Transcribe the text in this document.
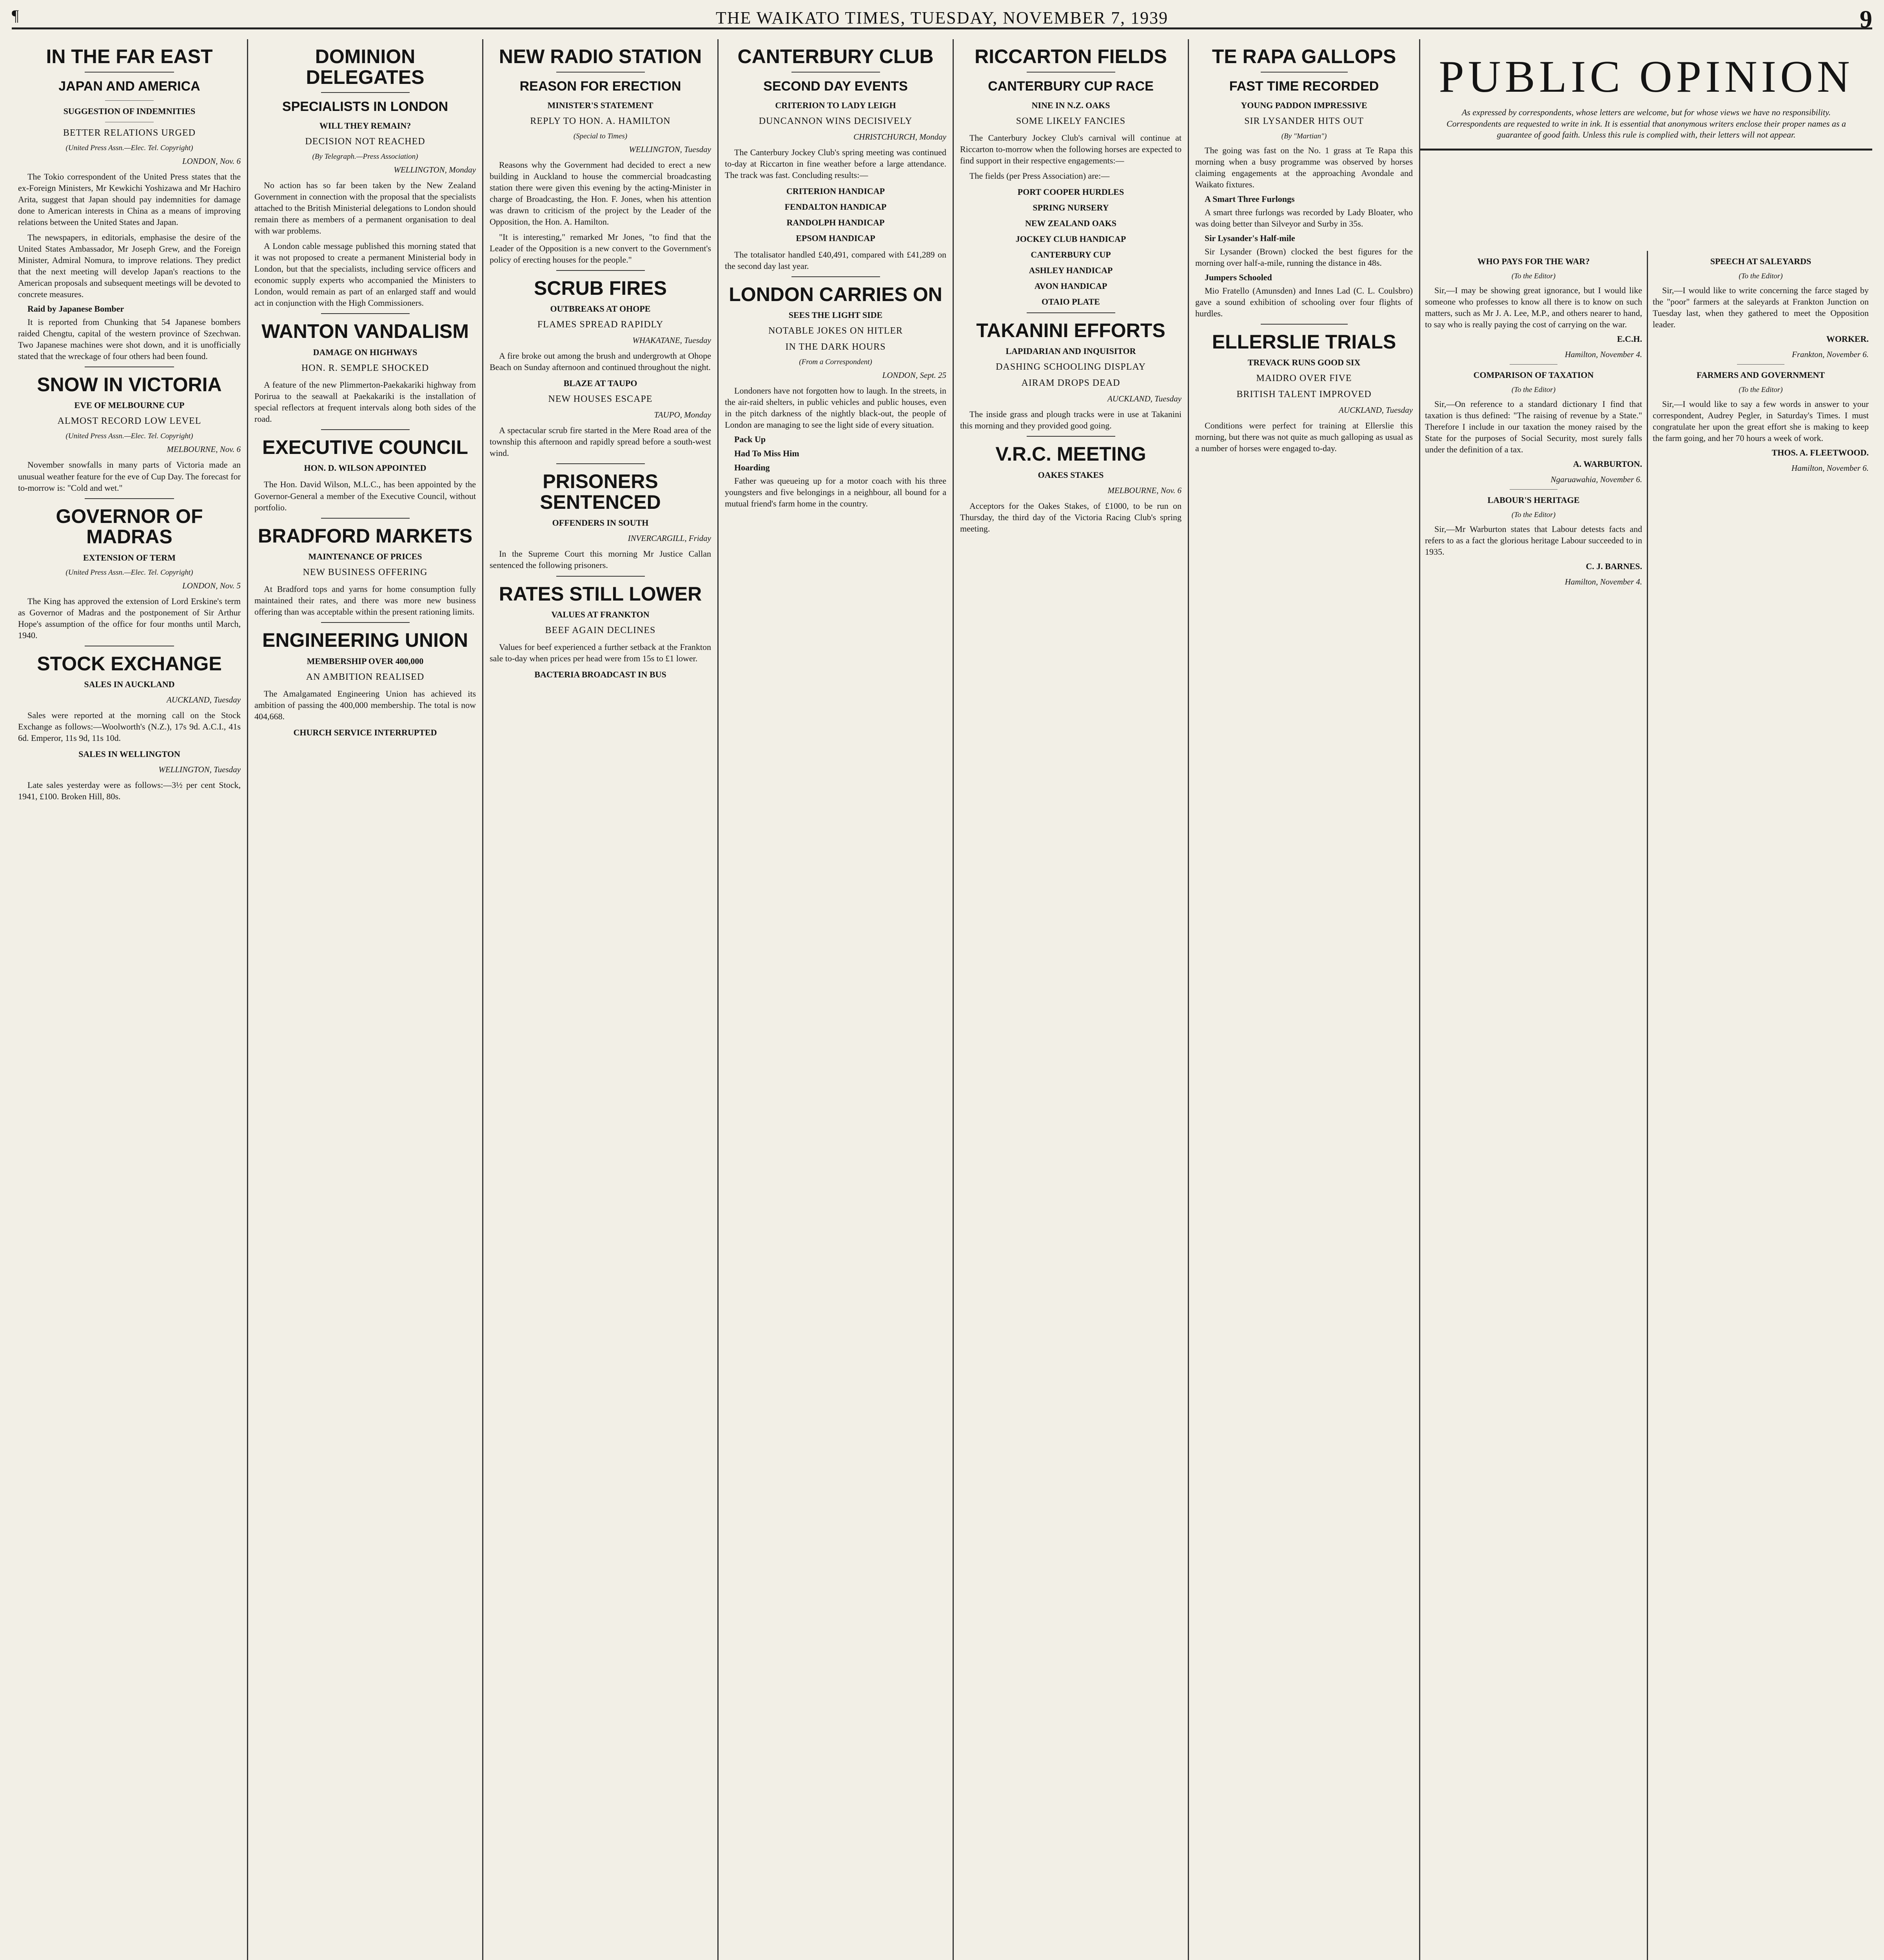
¶	THE WAIKATO TIMES, TUESDAY, NOVEMBER 7, 1939	9
IN THE FAR EAST
JAPAN AND AMERICA
SUGGESTION OF INDEMNITIES
BETTER RELATIONS URGED
(United Press Assn.—Elec. Tel. Copyright)
LONDON, Nov. 6

The Tokio correspondent of the United Press states that the ex-Foreign Ministers, Mr Kewkichi Yoshizawa and Mr Hachiro Arita, suggest that Japan should pay indemnities for damage done to American interests in China as a means of improving relations between the United States and Japan.

The newspapers, in editorials, emphasise the desire of the United States Ambassador, Mr Joseph Grew, and the Foreign Minister, Admiral Nomura, to improve relations. They predict that the next meeting will develop Japan's reactions to the American proposals and subsequent meetings will be devoted to concrete measures.

Raid by Japanese Bomber

It is reported from Chunking that 54 Japanese bombers raided Chengtu, capital of the western province of Szechwan. Two Japanese machines were shot down, and it is unofficially stated that the wreckage of four others had been found.

SNOW IN VICTORIA
EVE OF MELBOURNE CUP
ALMOST RECORD LOW LEVEL
(United Press Assn.—Elec. Tel. Copyright)
MELBOURNE, Nov. 6

November snowfalls in many parts of Victoria made an unusual weather feature for the eve of Cup Day. The forecast for to-morrow is: "Cold and wet."

GOVERNOR OF MADRAS
EXTENSION OF TERM
(United Press Assn.—Elec. Tel. Copyright)
LONDON, Nov. 5

The King has approved the extension of Lord Erskine's term as Governor of Madras and the postponement of Sir Arthur Hope's assumption of the office for four months until March, 1940.

STOCK EXCHANGE
SALES IN AUCKLAND
AUCKLAND, Tuesday

Sales were reported at the morning call on the Stock Exchange as follows:—Woolworth's (N.Z.), 17s 9d. A.C.I., 41s 6d. Emperor, 11s 9d, 11s 10d.

SALES IN WELLINGTON
WELLINGTON, Tuesday

Late sales yesterday were as follows:—3½ per cent Stock, 1941, £100. Broken Hill, 80s.

DOMINION DELEGATES
SPECIALISTS IN LONDON
WILL THEY REMAIN?
DECISION NOT REACHED
(By Telegraph.—Press Association)
WELLINGTON, Monday

No action has so far been taken by the New Zealand Government in connection with the proposal that the specialists attached to the British Ministerial delegations to London should remain there as members of a permanent organisation to deal with war problems.

A London cable message published this morning stated that it was not proposed to create a permanent Ministerial body in London, but that the specialists, including service officers and economic supply experts who accompanied the Ministers to London, would remain as part of an enlarged staff and would act in conjunction with the High Commissioners.

WANTON VANDALISM
DAMAGE ON HIGHWAYS
HON. R. SEMPLE SHOCKED

A feature of the new Plimmerton-Paekakariki highway from Porirua to the seawall at Paekakariki is the installation of special reflectors at frequent intervals along both sides of the road.

EXECUTIVE COUNCIL
HON. D. WILSON APPOINTED

The Hon. David Wilson, M.L.C., has been appointed by the Governor-General a member of the Executive Council, without portfolio.

BRADFORD MARKETS
MAINTENANCE OF PRICES
NEW BUSINESS OFFERING

At Bradford tops and yarns for home consumption fully maintained their rates, and there was more new business offering than was acceptable within the present rationing limits.

ENGINEERING UNION
MEMBERSHIP OVER 400,000
AN AMBITION REALISED

The Amalgamated Engineering Union has achieved its ambition of passing the 400,000 membership. The total is now 404,668.

CHURCH SERVICE INTERRUPTED
NEW RADIO STATION
REASON FOR ERECTION
MINISTER'S STATEMENT
REPLY TO HON. A. HAMILTON
(Special to Times)
WELLINGTON, Tuesday

Reasons why the Government had decided to erect a new building in Auckland to house the commercial broadcasting station there were given this evening by the acting-Minister in charge of Broadcasting, the Hon. F. Jones, when his attention was drawn to criticism of the project by the Leader of the Opposition, the Hon. A. Hamilton.

"It is interesting," remarked Mr Jones, "to find that the Leader of the Opposition is a new convert to the Government's policy of erecting houses for the people."

SCRUB FIRES
OUTBREAKS AT OHOPE
FLAMES SPREAD RAPIDLY
WHAKATANE, Tuesday

A fire broke out among the brush and undergrowth at Ohope Beach on Sunday afternoon and continued throughout the night.

BLAZE AT TAUPO
NEW HOUSES ESCAPE
TAUPO, Monday

A spectacular scrub fire started in the Mere Road area of the township this afternoon and rapidly spread before a south-west wind.

PRISONERS SENTENCED
OFFENDERS IN SOUTH
INVERCARGILL, Friday

In the Supreme Court this morning Mr Justice Callan sentenced the following prisoners.

RATES STILL LOWER
VALUES AT FRANKTON
BEEF AGAIN DECLINES

Values for beef experienced a further setback at the Frankton sale to-day when prices per head were from 15s to £1 lower.

BACTERIA BROADCAST IN BUS
CANTERBURY CLUB
SECOND DAY EVENTS
CRITERION TO LADY LEIGH
DUNCANNON WINS DECISIVELY
CHRISTCHURCH, Monday

The Canterbury Jockey Club's spring meeting was continued to-day at Riccarton in fine weather before a large attendance. The track was fast. Concluding results:—

CRITERION HANDICAP
FENDALTON HANDICAP
RANDOLPH HANDICAP
EPSOM HANDICAP

The totalisator handled £40,491, compared with £41,289 on the second day last year.

LONDON CARRIES ON
SEES THE LIGHT SIDE
NOTABLE JOKES ON HITLER
IN THE DARK HOURS
(From a Correspondent)
LONDON, Sept. 25

Londoners have not forgotten how to laugh. In the streets, in the air-raid shelters, in public vehicles and public houses, even in the pitch darkness of the nightly black-out, the people of London are managing to see the light side of every situation.

Pack Up
Had To Miss Him
Hoarding

Father was queueing up for a motor coach with his three youngsters and five belongings in a neighbour, all bound for a mutual friend's farm home in the country.

RICCARTON FIELDS
CANTERBURY CUP RACE
NINE IN N.Z. OAKS
SOME LIKELY FANCIES

The Canterbury Jockey Club's carnival will continue at Riccarton to-morrow when the following horses are expected to find support in their respective engagements:—

The fields (per Press Association) are:—

PORT COOPER HURDLES
SPRING NURSERY
NEW ZEALAND OAKS
JOCKEY CLUB HANDICAP
CANTERBURY CUP
ASHLEY HANDICAP
AVON HANDICAP
OTAIO PLATE
TAKANINI EFFORTS
LAPIDARIAN AND INQUISITOR
DASHING SCHOOLING DISPLAY
AIRAM DROPS DEAD
AUCKLAND, Tuesday

The inside grass and plough tracks were in use at Takanini this morning and they provided good going.

V.R.C. MEETING
OAKES STAKES
MELBOURNE, Nov. 6

Acceptors for the Oakes Stakes, of £1000, to be run on Thursday, the third day of the Victoria Racing Club's spring meeting.

TE RAPA GALLOPS
FAST TIME RECORDED
YOUNG PADDON IMPRESSIVE
SIR LYSANDER HITS OUT
(By "Martian")

The going was fast on the No. 1 grass at Te Rapa this morning when a busy programme was observed by horses claiming engagements at the approaching Avondale and Waikato fixtures.

A Smart Three Furlongs

A smart three furlongs was recorded by Lady Bloater, who was doing better than Silveyor and Surby in 35s.

Sir Lysander's Half-mile

Sir Lysander (Brown) clocked the best figures for the morning over half-a-mile, running the distance in 48s.

Jumpers Schooled

Mio Fratello (Amunsden) and Innes Lad (C. L. Coulsbro) gave a sound exhibition of schooling over four flights of hurdles.

ELLERSLIE TRIALS
TREVACK RUNS GOOD SIX
MAIDRO OVER FIVE
BRITISH TALENT IMPROVED
AUCKLAND, Tuesday

Conditions were perfect for training at Ellerslie this morning, but there was not quite as much galloping as usual as a number of horses were engaged to-day.

PUBLIC OPINION
As expressed by correspondents, whose letters are welcome, but for whose views we have no responsibility. Correspondents are requested to write in ink. It is essential that anonymous writers enclose their proper names as a guarantee of good faith. Unless this rule is complied with, their letters will not appear.
WHO PAYS FOR THE WAR?
(To the Editor)

Sir,—I may be showing great ignorance, but I would like someone who professes to know all there is to know on such matters, such as Mr J. A. Lee, M.P., and others nearer to hand, to say who is really paying the cost of carrying on the war.

E.C.H.
Hamilton, November 4.
COMPARISON OF TAXATION
(To the Editor)

Sir,—On reference to a standard dictionary I find that taxation is thus defined: "The raising of revenue by a State." Therefore I include in our taxation the money raised by the State for the purposes of Social Security, most surely falls under the definition of a tax.

A. WARBURTON.
Ngaruawahia, November 6.
LABOUR'S HERITAGE
(To the Editor)

Sir,—Mr Warburton states that Labour detests facts and refers to as a fact the glorious heritage Labour succeeded to in 1935.

C. J. BARNES.
Hamilton, November 4.
SPEECH AT SALEYARDS
(To the Editor)

Sir,—I would like to write concerning the farce staged by the "poor" farmers at the saleyards at Frankton Junction on Tuesday last, when they gathered to meet the Opposition leader.

WORKER.
Frankton, November 6.
FARMERS AND GOVERNMENT
(To the Editor)

Sir,—I would like to say a few words in answer to your correspondent, Audrey Pegler, in Saturday's Times. I must congratulate her upon the great effort she is making to keep the farm going, and her 70 hours a week of work.

THOS. A. FLEETWOOD.
Hamilton, November 6.
